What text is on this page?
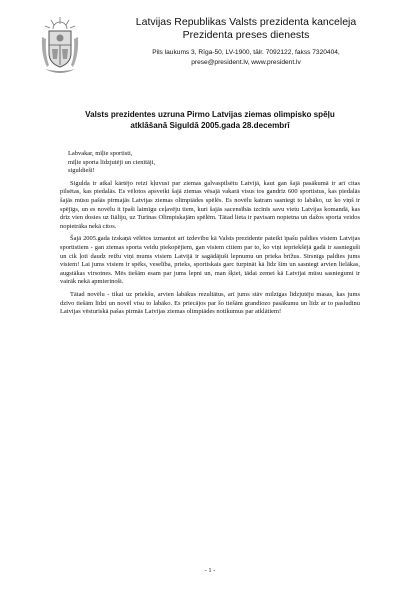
Latvijas Republikas Valsts prezidenta kanceleja
Prezidenta preses dienests
Pils laukums 3, Rīga-50, LV-1900, tālr. 7092122, fakss 7320404,
prese@president.lv, www.president.lv
Valsts prezidentes uzruna Pirmo Latvijas ziemas olimpisko spēļu
atklāšanā Siguldā 2005.gada 28.decembrī
Labvakar, mīļie sportisti,
mīļie sporta līdzjutēji un cienītāji,
siguldieši!

Sigulda ir atkal kārtējo reizi kļuvusi par ziemas galvaspilsētu Latvijā, kaut gan šajā pasākumā ir arī citas pilsētas, kas piedalās. Es vēlotos apsveikt šajā ziemas vēsajā vakarā visus tos gandrīz 600 sportistus, kas piedalās šajās mūsu pašās pirmajās Latvijas ziemas olimpiādes spēlēs. Es novēlu katram sasniegt to labāko, uz ko viņš ir spējīgs, un es novēlu it īpaši laimīgu ceļavēju tiem, kuri šajās sacensībās izcīnīs savu vietu Latvijas komandā, kas drīz vien dosies uz Itāliju, uz Turīnas Olimpiskajām spēlēm. Tātad lieta ir pavisam nopietna un dažos sporta veidos nopietrāka nekā citos.

Šajā 2005.gada izskaņā vēlētos izmantot arī izdevību kā Valsts prezidente pateikt īpašu paldies visiem Latvijas sportistiem - gan ziemas sporta veidu piekopējiem, gan visiem citiem par to, ko viņi iepriekšējā gadā ir sasnieguši un cik ļoti daudz reižu viņi mums visiem Latvijā ir sagādājuši lepnumu un prieka brīžus. Sirsnīgs paldies jums visiem! Lai jums visiem ir spēks, veselība, prieks, sportiskais garс turpināt kā līdz šim un sasniegt arvien lielākas, augstākas virsotnes. Mēs tiešām esam par jums lepni un, man šķiet, tādai zemei kā Latvijai mūsu sasniegumi ir vairāk nekā apmierinoši.

Tātad novēlu - tikai uz priekšu, arvien labākus rezultātus, arī jums stāv milzīgas līdzjutēju masas, kas jums dzīvo tiešām līdzi un novēl visu to labāko. Es priecājos par šo tiešām grandiozo pasākumu un līdz ar to pasludinu Latvijas vēsturiskā pašas pirmās Latvijas ziemas olimpiādes notikumus par atklātiem!

- 1 -
